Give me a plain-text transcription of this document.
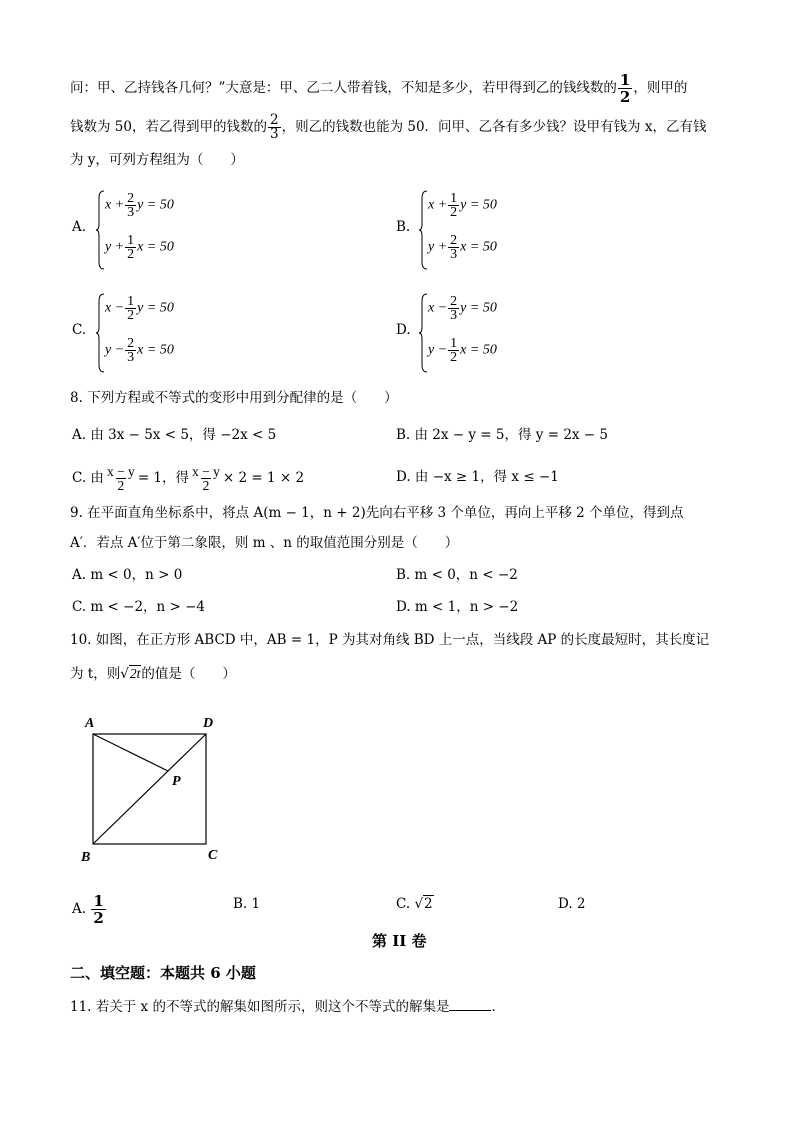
问：甲、乙持钱各几何？”大意是：甲、乙二人带着钱，不知是多少，若甲得到乙的钱线数的 $\frac{1}{2}$ ，则甲的
钱数为 50，若乙得到甲的钱数的 $\frac{2}{3}$ ，则乙的钱数也能为 50．问甲、乙各有多少钱？设甲有钱为 x，乙有钱
为 y，可列方程组为（　　）
A.
$x + \frac{2}{3}$ y = 50
$y + \frac{1}{2}$ x = 50
B.
$x + \frac{1}{2}$ y = 50
$y + \frac{2}{3}$ x = 50
C.
$x - \frac{1}{2}$ y = 50
$y - \frac{2}{3}$ x = 50
D.
$x - \frac{2}{3}$ y = 50
$y - \frac{1}{2}$ x = 50
8. 下列方程或不等式的变形中用到分配律的是（　　）
A. 由 3x − 5x < 5，得 −2x < 5	B. 由 2x − y = 5，得 y = 2x − 5
C. 由 $\frac{x - y}{2} = 1$，得 $\frac{x - y}{2} \times 2 = 1 \times 2$	D. 由 −x ≥ 1，得 x ≤ −1
9. 在平面直角坐标系中，将点 A(m − 1，n + 2)先向右平移 3 个单位，再向上平移 2 个单位，得到点
A′．若点 A′位于第二象限，则 m 、n 的取值范围分别是（　　）
A. m < 0，n > 0	B. m < 0，n < −2
C. m < −2，n > −4	D. m < 1，n > −2
10. 如图，在正方形 ABCD 中，AB = 1，P 为其对角线 BD 上一点，当线段 AP 的长度最短时，其长度记
为 t，则√2t的值是（　　）
A	D
P
B	C
A. $\frac{1}{2}$	B. 1	C. √2	D. 2
第 II 卷
二、填空题：本题共 6 小题
11. 若关于 x 的不等式的解集如图所示，则这个不等式的解集是	．
